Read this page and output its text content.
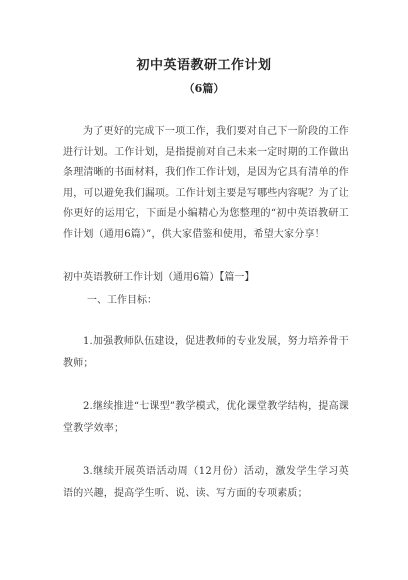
初中英语教研工作计划
（6篇）

为了更好的完成下一项工作，我们要对自己下一阶段的工作进行计划。工作计划，是指提前对自己未来一定时期的工作做出条理清晰的书面材料，我们作工作计划，是因为它具有清单的作用，可以避免我们漏项。工作计划主要是写哪些内容呢？为了让你更好的运用它，下面是小编精心为您整理的“初中英语教研工作计划（通用6篇）”，供大家借鉴和使用，希望大家分享！

初中英语教研工作计划（通用6篇）【篇一】

一、工作目标：

1.加强教师队伍建设，促进教师的专业发展，努力培养骨干教师；

2.继续推进“七课型”教学模式，优化课堂教学结构，提高课堂教学效率；

3.继续开展英语活动周（12月份）活动，激发学生学习英语的兴趣，提高学生听、说、读、写方面的专项素质；
